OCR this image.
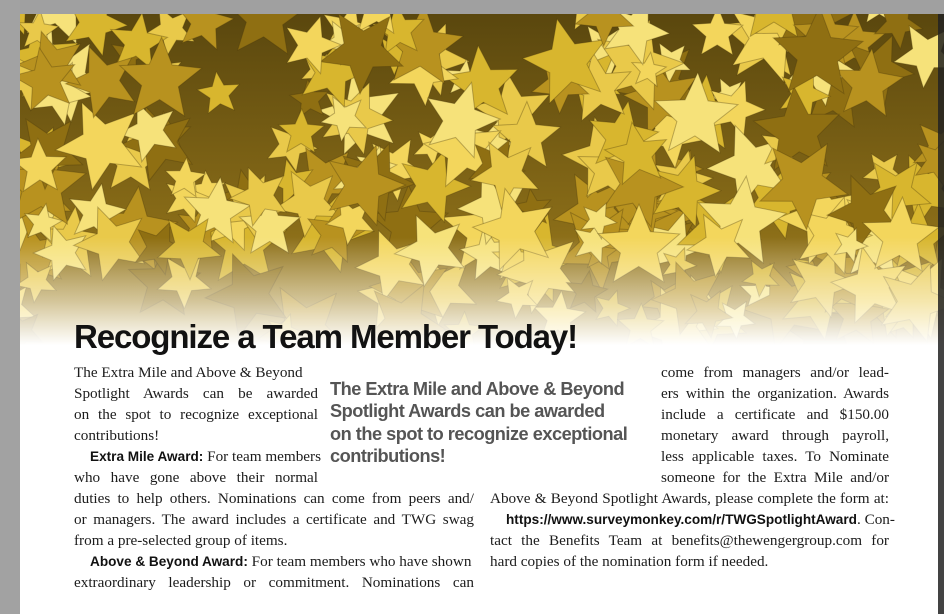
Recognize a Team Member Today!
The Extra Mile and Above & Beyond
Spotlight Awards can be awarded
on the spot to recognize exceptional
contributions!
Extra Mile Award: For team members
who have gone above their normal
duties to help others. Nominations can come from peers and/
or managers. The award includes a certificate and TWG swag
from a pre-selected group of items.
Above & Beyond Award: For team members who have shown
extraordinary leadership or commitment. Nominations can
come from managers and/or lead-
ers within the organization. Awards
include a certificate and $150.00
monetary award through payroll,
less applicable taxes. To Nominate
someone for the Extra Mile and/or
Above & Beyond Spotlight Awards, please complete the form at:
https://www.surveymonkey.com/r/TWGSpotlightAward. Con-
tact the Benefits Team at benefits@thewengergroup.com for
hard copies of the nomination form if needed.
The Extra Mile and Above & Beyond
Spotlight Awards can be awarded
on the spot to recognize exceptional
contributions!
